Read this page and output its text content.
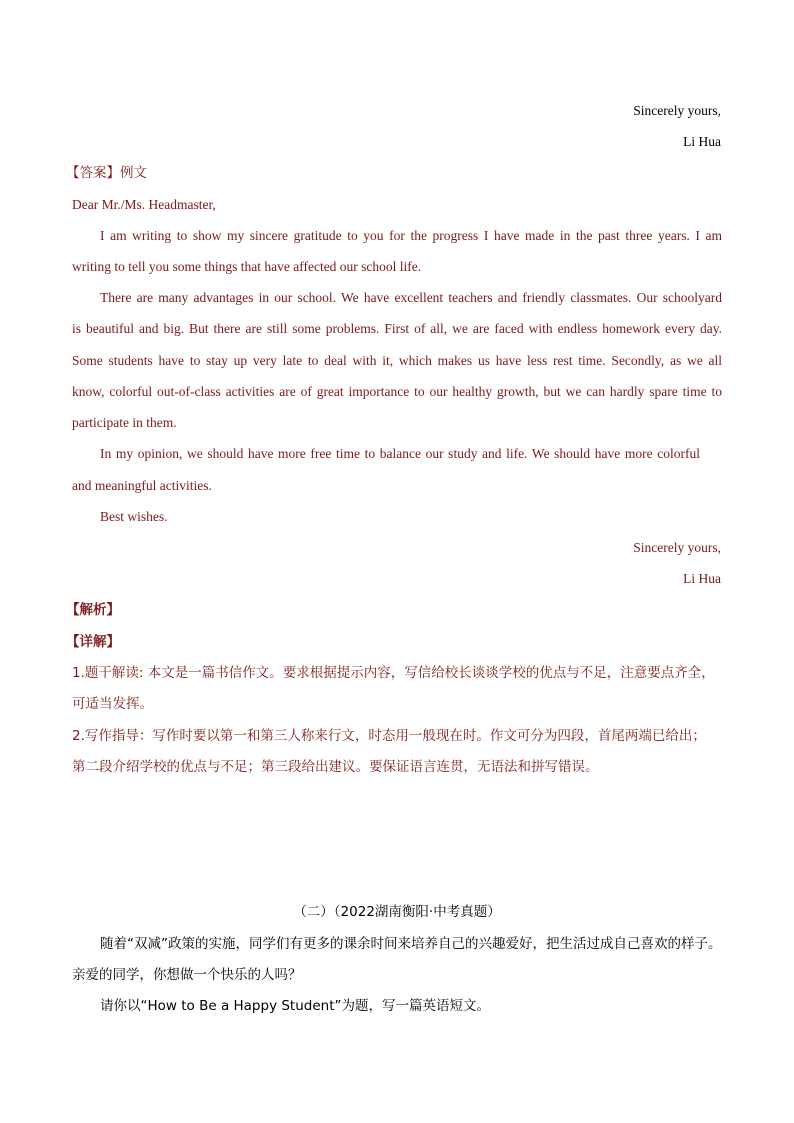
Sincerely yours,
Li Hua
【答案】例文
Dear Mr./Ms. Headmaster,
I am writing to show my sincere gratitude to you for the progress I have made in the past three years. I am
writing to tell you some things that have affected our school life.
There are many advantages in our school. We have excellent teachers and friendly classmates. Our schoolyard
is beautiful and big. But there are still some problems. First of all, we are faced with endless homework every day.
Some students have to stay up very late to deal with it, which makes us have less rest time. Secondly, as we all
know, colorful out-of-class activities are of great importance to our healthy growth, but we can hardly spare time to
participate in them.
In my opinion, we should have more free time to balance our study and life. We should have more colorful
and meaningful activities.
Best wishes.
Sincerely yours,
Li Hua
【解析】
【详解】
1.题干解读: 本文是一篇书信作文。要求根据提示内容，写信给校长谈谈学校的优点与不足，注意要点齐全，
可适当发挥。
2.写作指导：写作时要以第一和第三人称来行文，时态用一般现在时。作文可分为四段，首尾两端已给出；
第二段介绍学校的优点与不足；第三段给出建议。要保证语言连贯，无语法和拼写错误。
（二）（2022湖南衡阳·中考真题）
随着“双减”政策的实施，同学们有更多的课余时间来培养自己的兴趣爱好，把生活过成自己喜欢的样子。
亲爱的同学，你想做一个快乐的人吗？
请你以“How to Be a Happy Student”为题，写一篇英语短文。
